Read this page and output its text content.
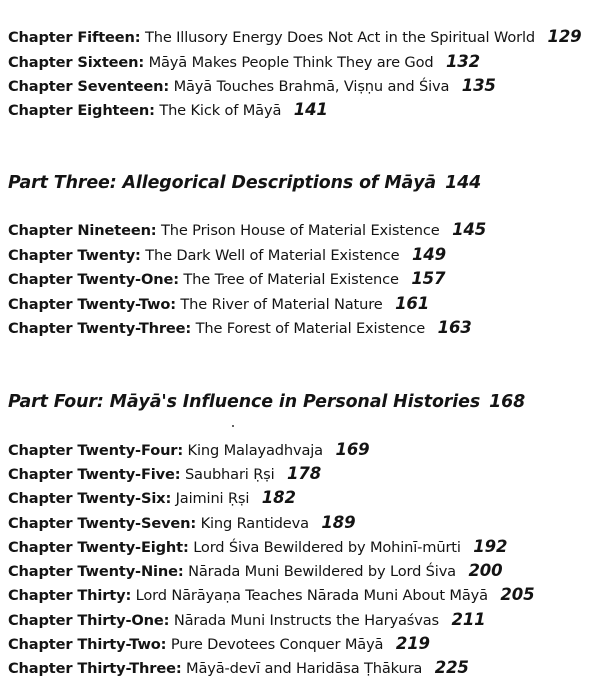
Chapter Fifteen: The Illusory Energy Does Not Act in the Spiritual World 129
Chapter Sixteen: Māyā Makes People Think They are God 132
Chapter Seventeen: Māyā Touches Brahmā, Viṣṇu and Śiva 135
Chapter Eighteen: The Kick of Māyā 141
Part Three: Allegorical Descriptions of Māyā 144
Chapter Nineteen: The Prison House of Material Existence 145
Chapter Twenty: The Dark Well of Material Existence 149
Chapter Twenty-One: The Tree of Material Existence 157
Chapter Twenty-Two: The River of Material Nature 161
Chapter Twenty-Three: The Forest of Material Existence 163
Part Four: Māyā's Influence in Personal Histories 168
Chapter Twenty-Four: King Malayadhvaja 169
Chapter Twenty-Five: Saubhari Ṛṣi 178
Chapter Twenty-Six: Jaimini Ṛṣi 182
Chapter Twenty-Seven: King Rantideva 189
Chapter Twenty-Eight: Lord Śiva Bewildered by Mohinī-mūrti 192
Chapter Twenty-Nine: Nārada Muni Bewildered by Lord Śiva 200
Chapter Thirty: Lord Nārāyaṇa Teaches Nārada Muni About Māyā 205
Chapter Thirty-One: Nārada Muni Instructs the Haryaśvas 211
Chapter Thirty-Two: Pure Devotees Conquer Māyā 219
Chapter Thirty-Three: Māyā-devī and Haridāsa Ṭhākura 225
